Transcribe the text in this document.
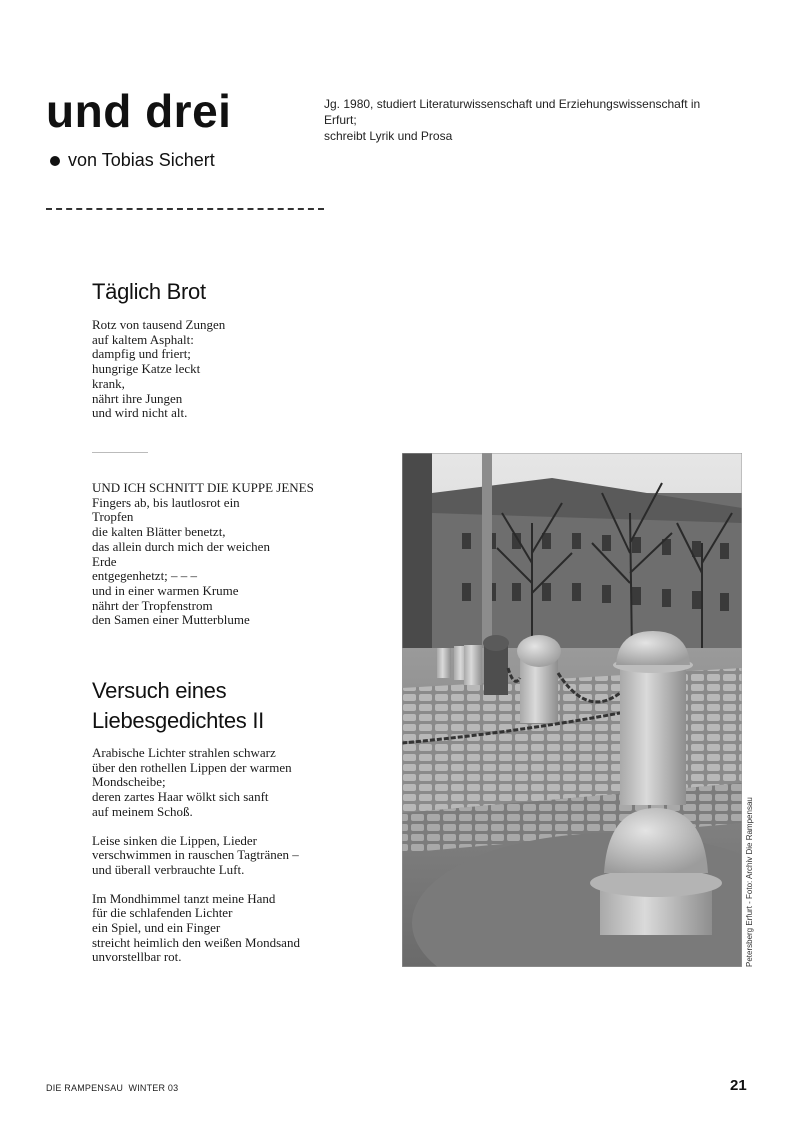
und drei	Jg. 1980, studiert Literaturwissenschaft und Erziehungswissenschaft in Erfurt;
schreibt Lyrik und Prosa
von Tobias Sichert
Täglich Brot
Rotz von tausend Zungen
auf kaltem Asphalt:
dampfig und friert;
hungrige Katze leckt
krank,
nährt ihre Jungen
und wird nicht alt.
UND ICH SCHNITT DIE KUPPE JENES
Fingers ab, bis lautlosrot ein
Tropfen
die kalten Blätter benetzt,
das allein durch mich der weichen
Erde
entgegenhetzt; – – –
und in einer warmen Krume
nährt der Tropfenstrom
den Samen einer Mutterblume
Versuch eines
Liebesgedichtes II
Arabische Lichter strahlen schwarz
über den rothellen Lippen der warmen
Mondscheibe;
deren zartes Haar wölkt sich sanft
auf meinem Schoß.
Leise sinken die Lippen, Lieder
verschwimmen in rauschen Tagtränen –
und überall verbrauchte Luft.
Im Mondhimmel tanzt meine Hand
für die schlafenden Lichter
ein Spiel, und ein Finger
streicht heimlich den weißen Mondsand
unvorstellbar rot.	Petersberg Erfurt - Foto: Archiv Die Rampensau
DIE RAMPENSAU  WINTER 03	21
